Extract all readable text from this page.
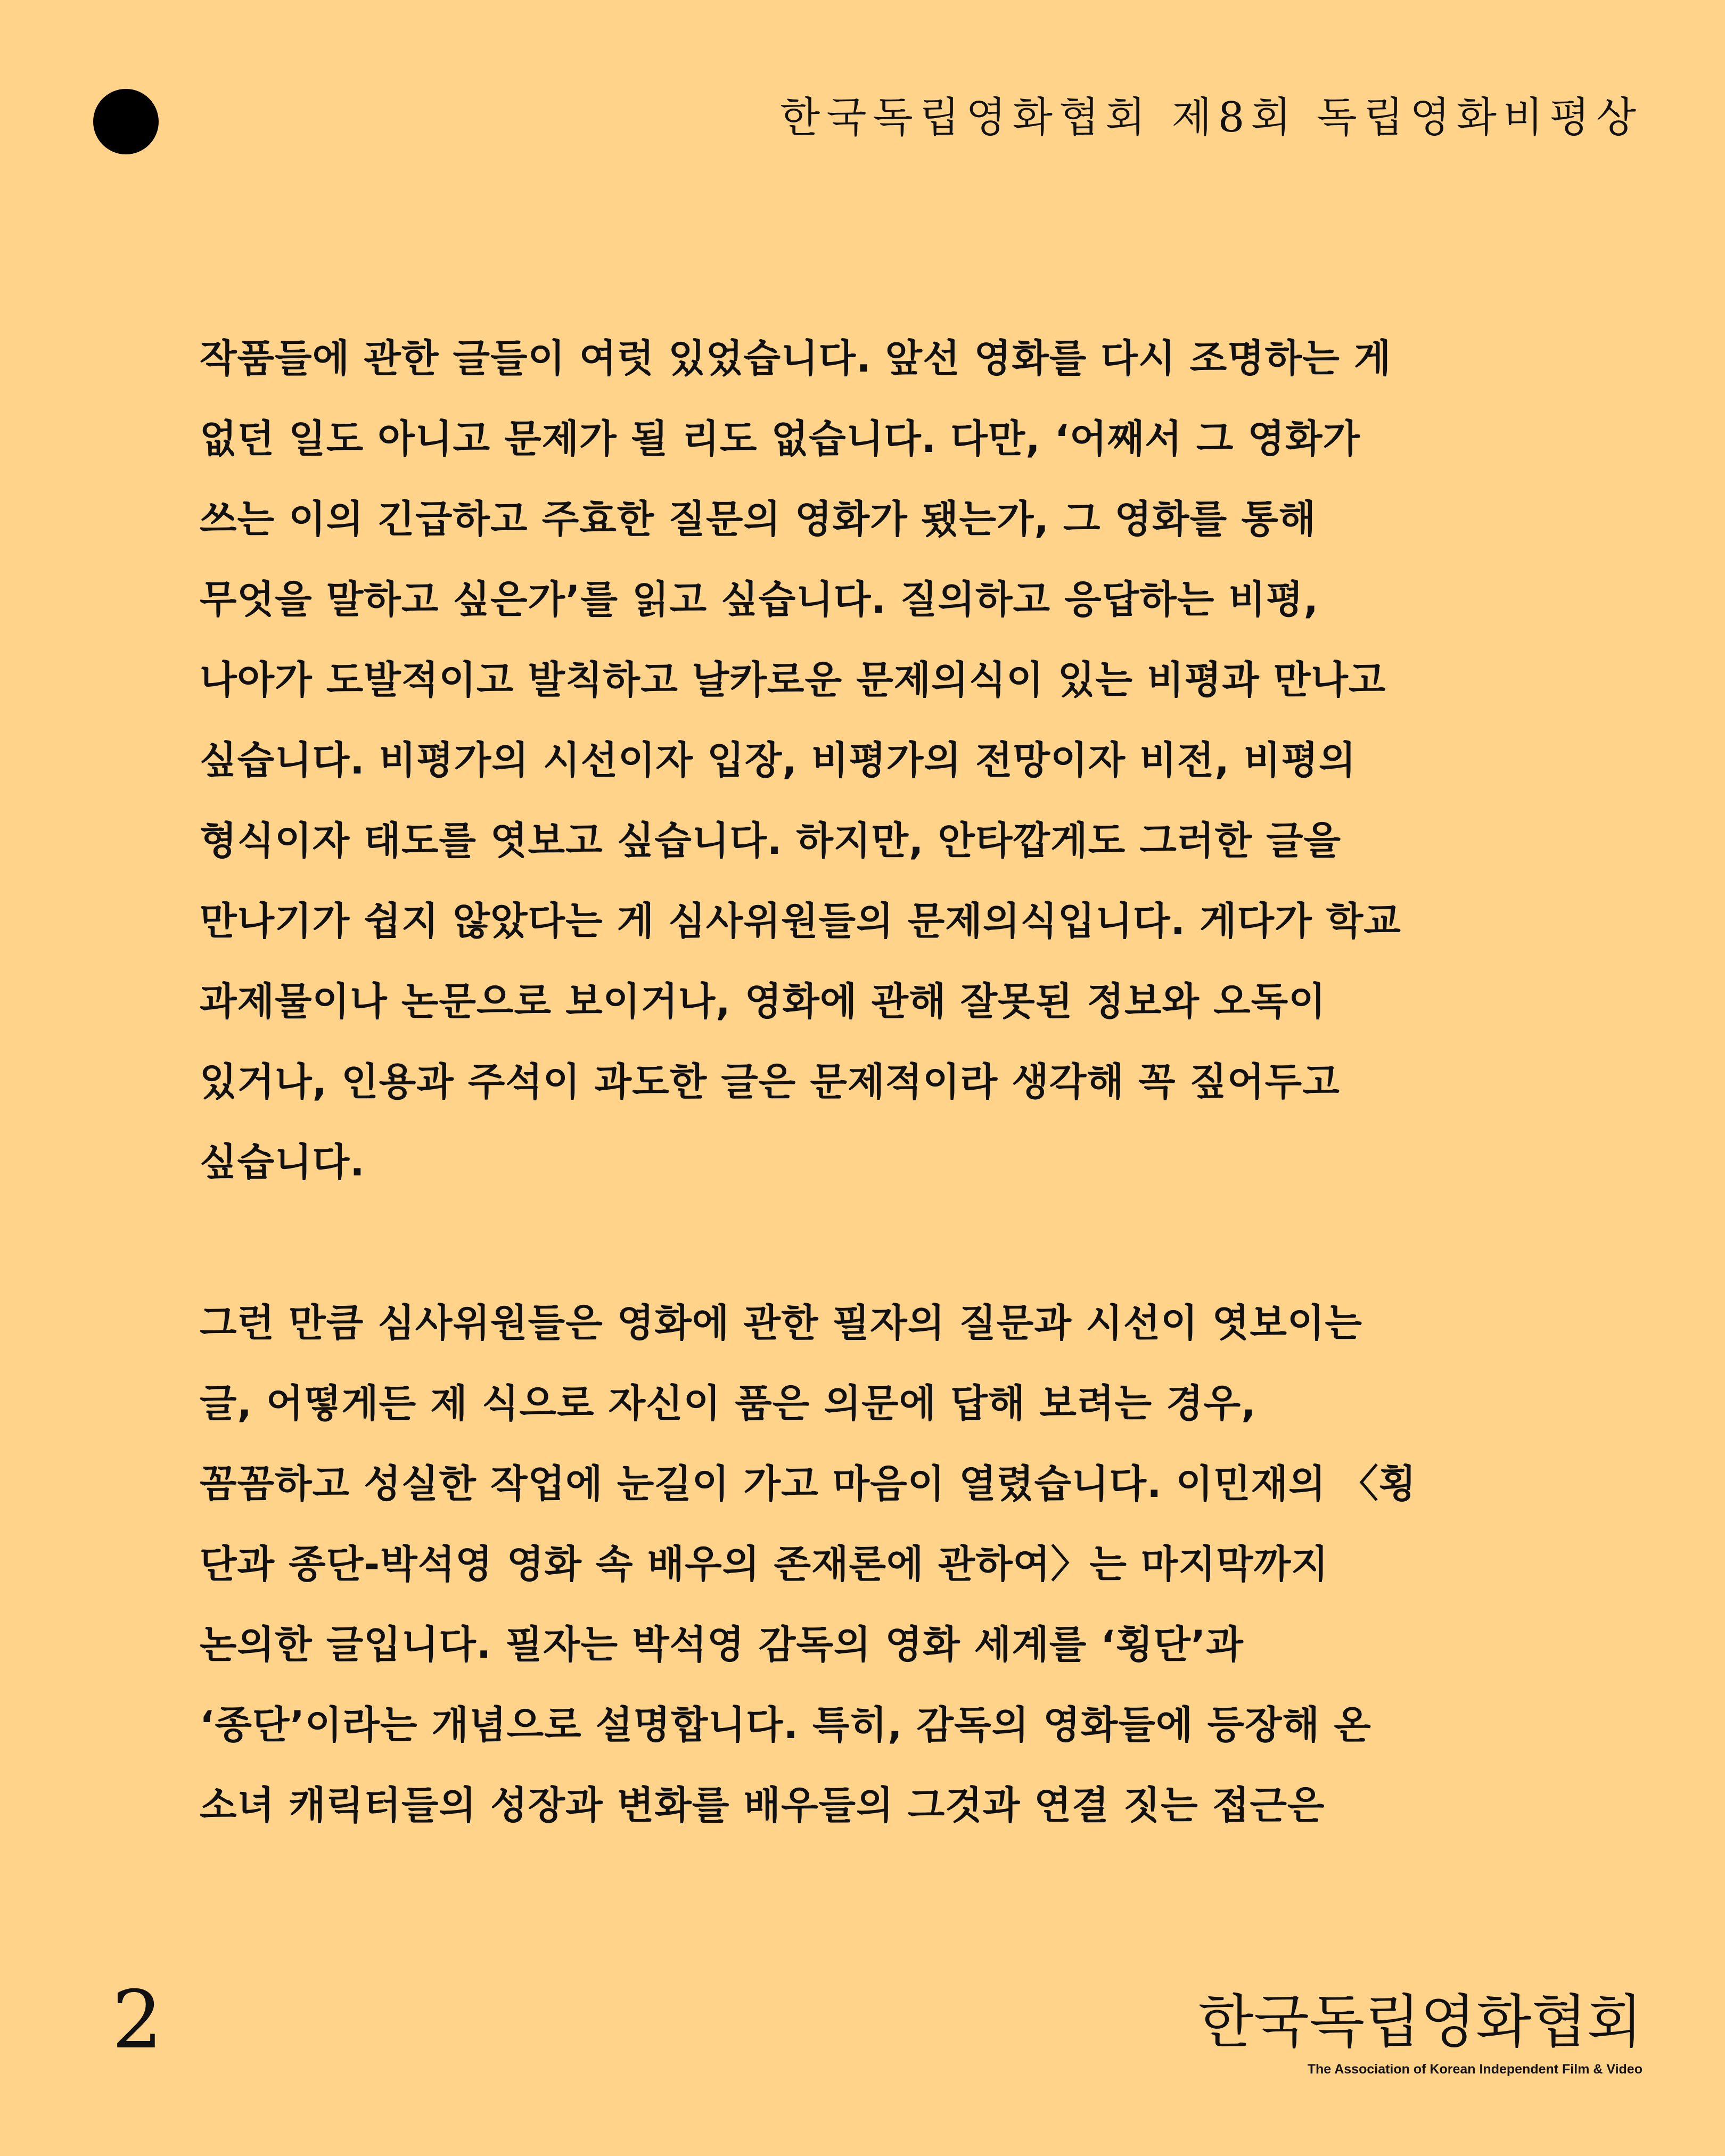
한국독립영화협회 제8회 독립영화비평상

작품들에 관한 글들이 여럿 있었습니다. 앞선 영화를 다시 조명하는 게
없던 일도 아니고 문제가 될 리도 없습니다. 다만, ‘어째서 그 영화가
쓰는 이의 긴급하고 주효한 질문의 영화가 됐는가, 그 영화를 통해
무엇을 말하고 싶은가’를 읽고 싶습니다. 질의하고 응답하는 비평,
나아가 도발적이고 발칙하고 날카로운 문제의식이 있는 비평과 만나고
싶습니다. 비평가의 시선이자 입장, 비평가의 전망이자 비전, 비평의
형식이자 태도를 엿보고 싶습니다. 하지만, 안타깝게도 그러한 글을
만나기가 쉽지 않았다는 게 심사위원들의 문제의식입니다. 게다가 학교
과제물이나 논문으로 보이거나, 영화에 관해 잘못된 정보와 오독이
있거나, 인용과 주석이 과도한 글은 문제적이라 생각해 꼭 짚어두고
싶습니다.

그런 만큼 심사위원들은 영화에 관한 필자의 질문과 시선이 엿보이는
글, 어떻게든 제 식으로 자신이 품은 의문에 답해 보려는 경우,
꼼꼼하고 성실한 작업에 눈길이 가고 마음이 열렸습니다. 이민재의 〈횡
단과 종단-박석영 영화 속 배우의 존재론에 관하여〉는 마지막까지
논의한 글입니다. 필자는 박석영 감독의 영화 세계를 ‘횡단’과
‘종단’이라는 개념으로 설명합니다. 특히, 감독의 영화들에 등장해 온
소녀 캐릭터들의 성장과 변화를 배우들의 그것과 연결 짓는 접근은

2	한국독립영화협회
The Association of Korean Independent Film & Video
